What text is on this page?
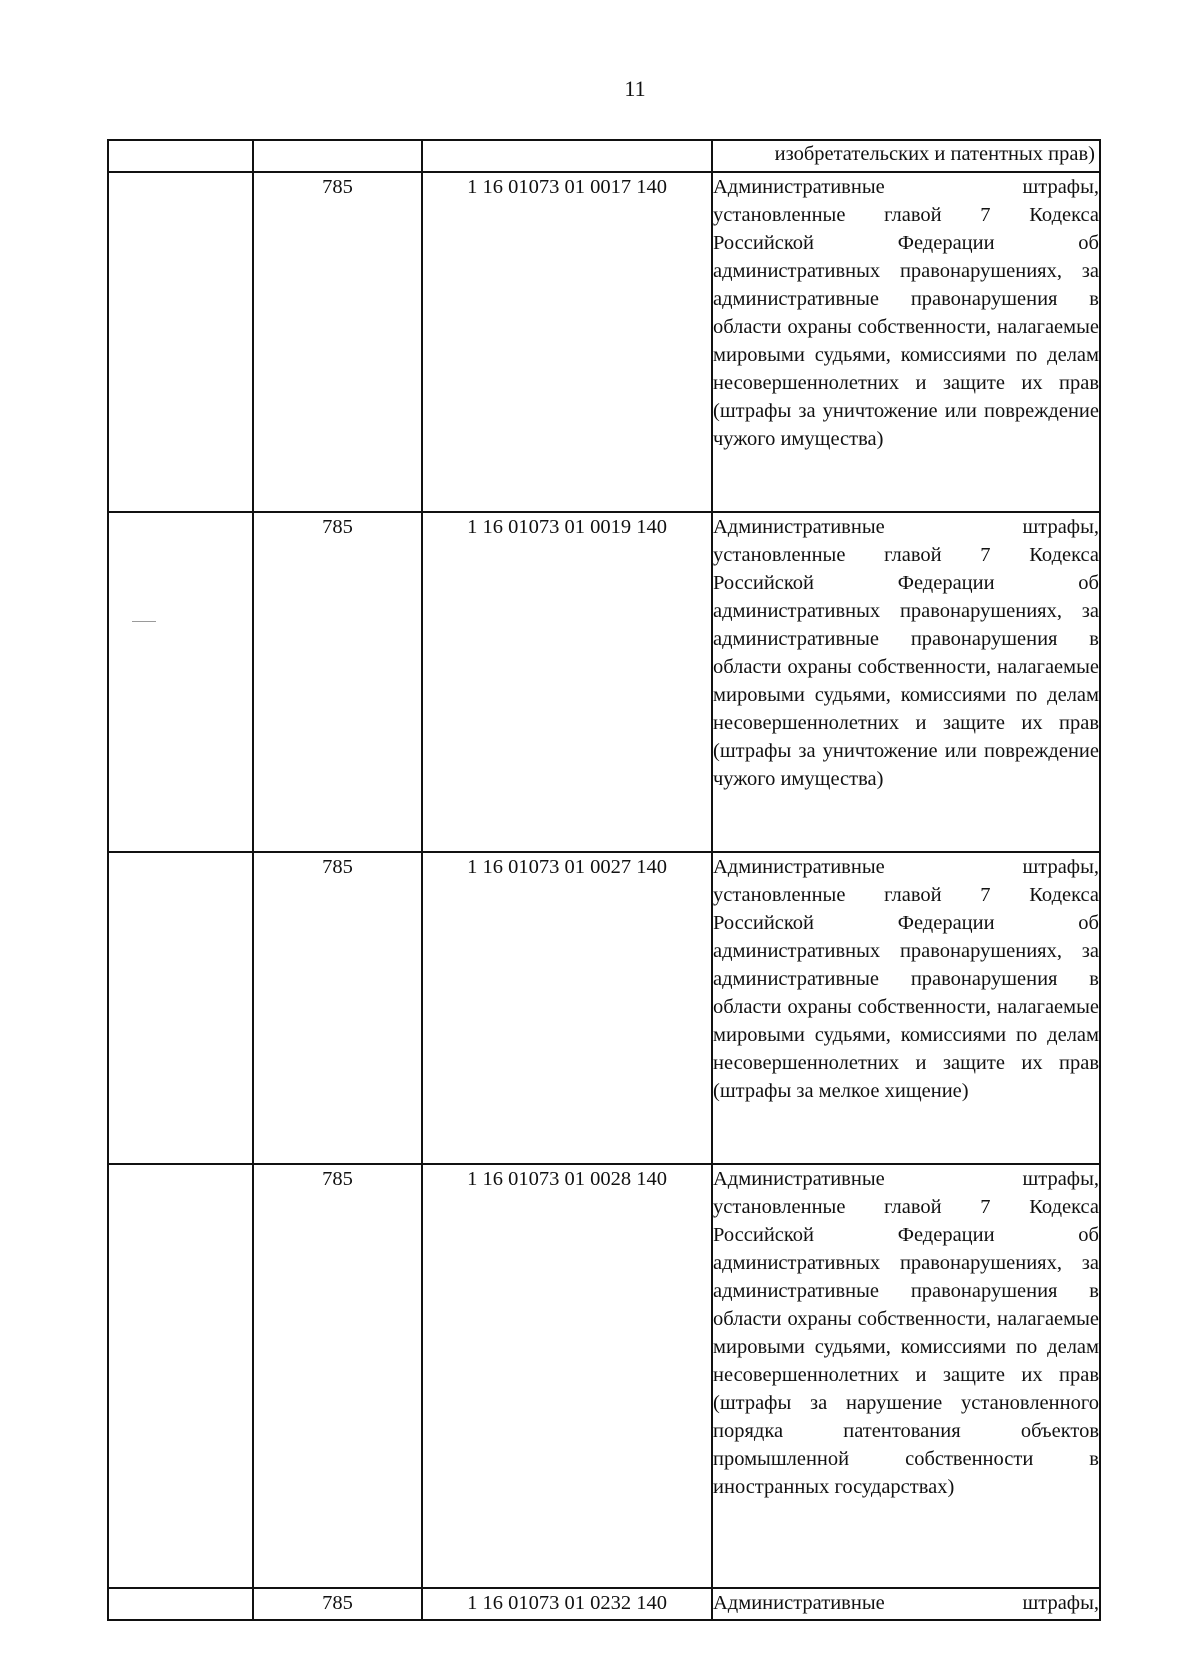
11

			изобретательских и патентных прав)

	785	1 16 01073 01 0017 140	Административные штрафы, установленные главой 7 Кодекса Российской Федерации об административных правонарушениях, за административные правонарушения в области охраны собственности, налагаемые мировыми судьями, комиссиями по делам несовершеннолетних и защите их прав (штрафы за уничтожение или повреждение чужого имущества)

	785	1 16 01073 01 0019 140	Административные штрафы, установленные главой 7 Кодекса Российской Федерации об административных правонарушениях, за административные правонарушения в области охраны собственности, налагаемые мировыми судьями, комиссиями по делам несовершеннолетних и защите их прав (штрафы за уничтожение или повреждение чужого имущества)

	785	1 16 01073 01 0027 140	Административные штрафы, установленные главой 7 Кодекса Российской Федерации об административных правонарушениях, за административные правонарушения в области охраны собственности, налагаемые мировыми судьями, комиссиями по делам несовершеннолетних и защите их прав (штрафы за мелкое хищение)

	785	1 16 01073 01 0028 140	Административные штрафы, установленные главой 7 Кодекса Российской Федерации об административных правонарушениях, за административные правонарушения в области охраны собственности, налагаемые мировыми судьями, комиссиями по делам несовершеннолетних и защите их прав (штрафы за нарушение установленного порядка патентования объектов промышленной собственности в иностранных государствах)

	785	1 16 01073 01 0232 140	Административные штрафы,
